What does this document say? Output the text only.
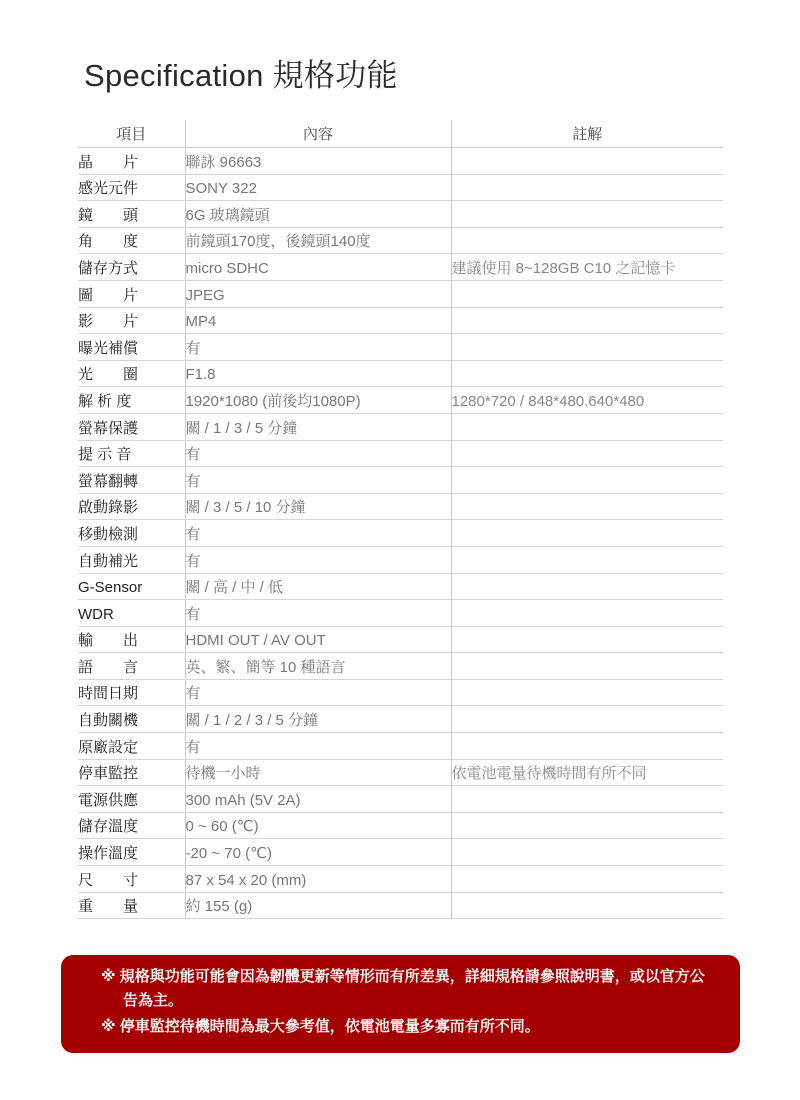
Specification 規格功能
項目	內容	註解
晶　　片	聯詠 96663	
感光元件	SONY 322	
鏡　　頭	6G 玻璃鏡頭	
角　　度	前鏡頭170度，後鏡頭140度	
儲存方式	micro SDHC	建議使用 8~128GB C10 之記憶卡
圖　　片	JPEG	
影　　片	MP4	
曝光補償	有	
光　　圈	F1.8	
解 析 度	1920*1080 (前後均1080P)	1280*720 / 848*480.640*480
螢幕保護	關 / 1 / 3 / 5 分鐘	
提 示 音	有	
螢幕翻轉	有	
啟動錄影	關 / 3 / 5 / 10 分鐘	
移動檢測	有	
自動補光	有	
G-Sensor	關 / 高 / 中 / 低	
WDR	有	
輸　　出	HDMI OUT / AV OUT	
語　　言	英、繁、簡等 10 種語言	
時間日期	有	
自動關機	關 / 1 / 2 / 3 / 5 分鐘	
原廠設定	有	
停車監控	待機一小時	依電池電量待機時間有所不同
電源供應	300 mAh (5V 2A)	
儲存溫度	0 ~ 60 (℃)	
操作溫度	-20 ~ 70 (℃)	
尺　　寸	87 x 54 x 20 (mm)	
重　　量	約 155 (g)	

※ 規格與功能可能會因為韌體更新等情形而有所差異，詳細規格請參照說明書，或以官方公告為主。

※ 停車監控待機時間為最大參考值，依電池電量多寡而有所不同。
